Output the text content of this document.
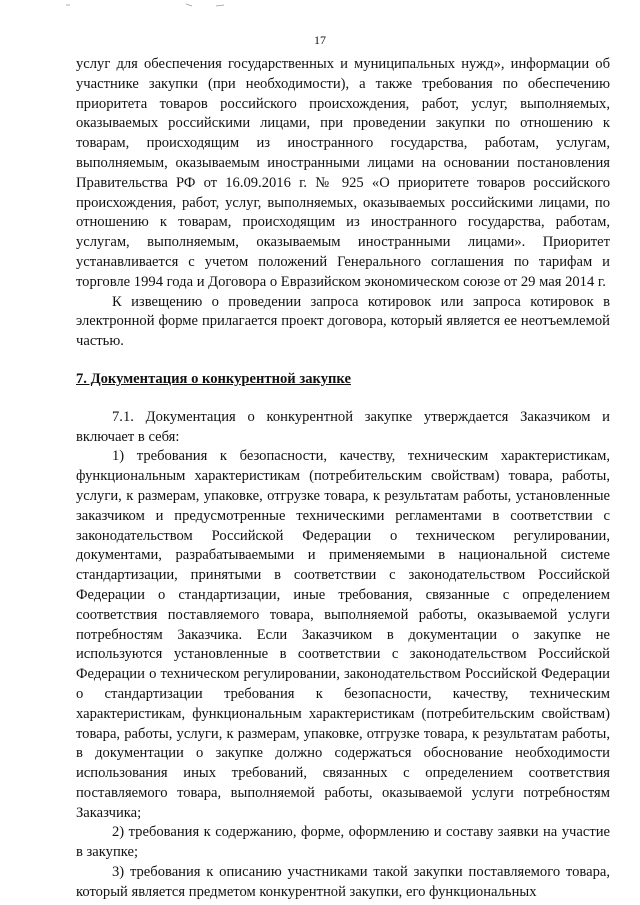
17

услуг для обеспечения государственных и муниципальных нужд», информации об участнике закупки (при необходимости), а также требования по обеспечению приоритета товаров российского происхождения, работ, услуг, выполняемых, оказываемых российскими лицами, при проведении закупки по отношению к товарам, происходящим из иностранного государства, работам, услугам, выполняемым, оказываемым иностранными лицами на основании постановления Правительства РФ от 16.09.2016 г. № 925 «О приоритете товаров российского происхождения, работ, услуг, выполняемых, оказываемых российскими лицами, по отношению к товарам, происходящим из иностранного государства, работам, услугам, выполняемым, оказываемым иностранными лицами». Приоритет устанавливается с учетом положений Генерального соглашения по тарифам и торговле 1994 года и Договора о Евразийском экономическом союзе от 29 мая 2014 г.

К извещению о проведении запроса котировок или запроса котировок в электронной форме прилагается проект договора, который является ее неотъемлемой частью.

7. Документация о конкурентной закупке

7.1. Документация о конкурентной закупке утверждается Заказчиком и включает в себя:

1) требования к безопасности, качеству, техническим характеристикам, функциональным характеристикам (потребительским свойствам) товара, работы, услуги, к размерам, упаковке, отгрузке товара, к результатам работы, установленные заказчиком и предусмотренные техническими регламентами в соответствии с законодательством Российской Федерации о техническом регулировании, документами, разрабатываемыми и применяемыми в национальной системе стандартизации, принятыми в соответствии с законодательством Российской Федерации о стандартизации, иные требования, связанные с определением соответствия поставляемого товара, выполняемой работы, оказываемой услуги потребностям Заказчика. Если Заказчиком в документации о закупке не используются установленные в соответствии с законодательством Российской Федерации о техническом регулировании, законодательством Российской Федерации о стандартизации требования к безопасности, качеству, техническим характеристикам, функциональным характеристикам (потребительским свойствам) товара, работы, услуги, к размерам, упаковке, отгрузке товара, к результатам работы, в документации о закупке должно содержаться обоснование необходимости использования иных требований, связанных с определением соответствия поставляемого товара, выполняемой работы, оказываемой услуги потребностям Заказчика;

2) требования к содержанию, форме, оформлению и составу заявки на участие в закупке;

3) требования к описанию участниками такой закупки поставляемого товара, который является предметом конкурентной закупки, его функциональных
